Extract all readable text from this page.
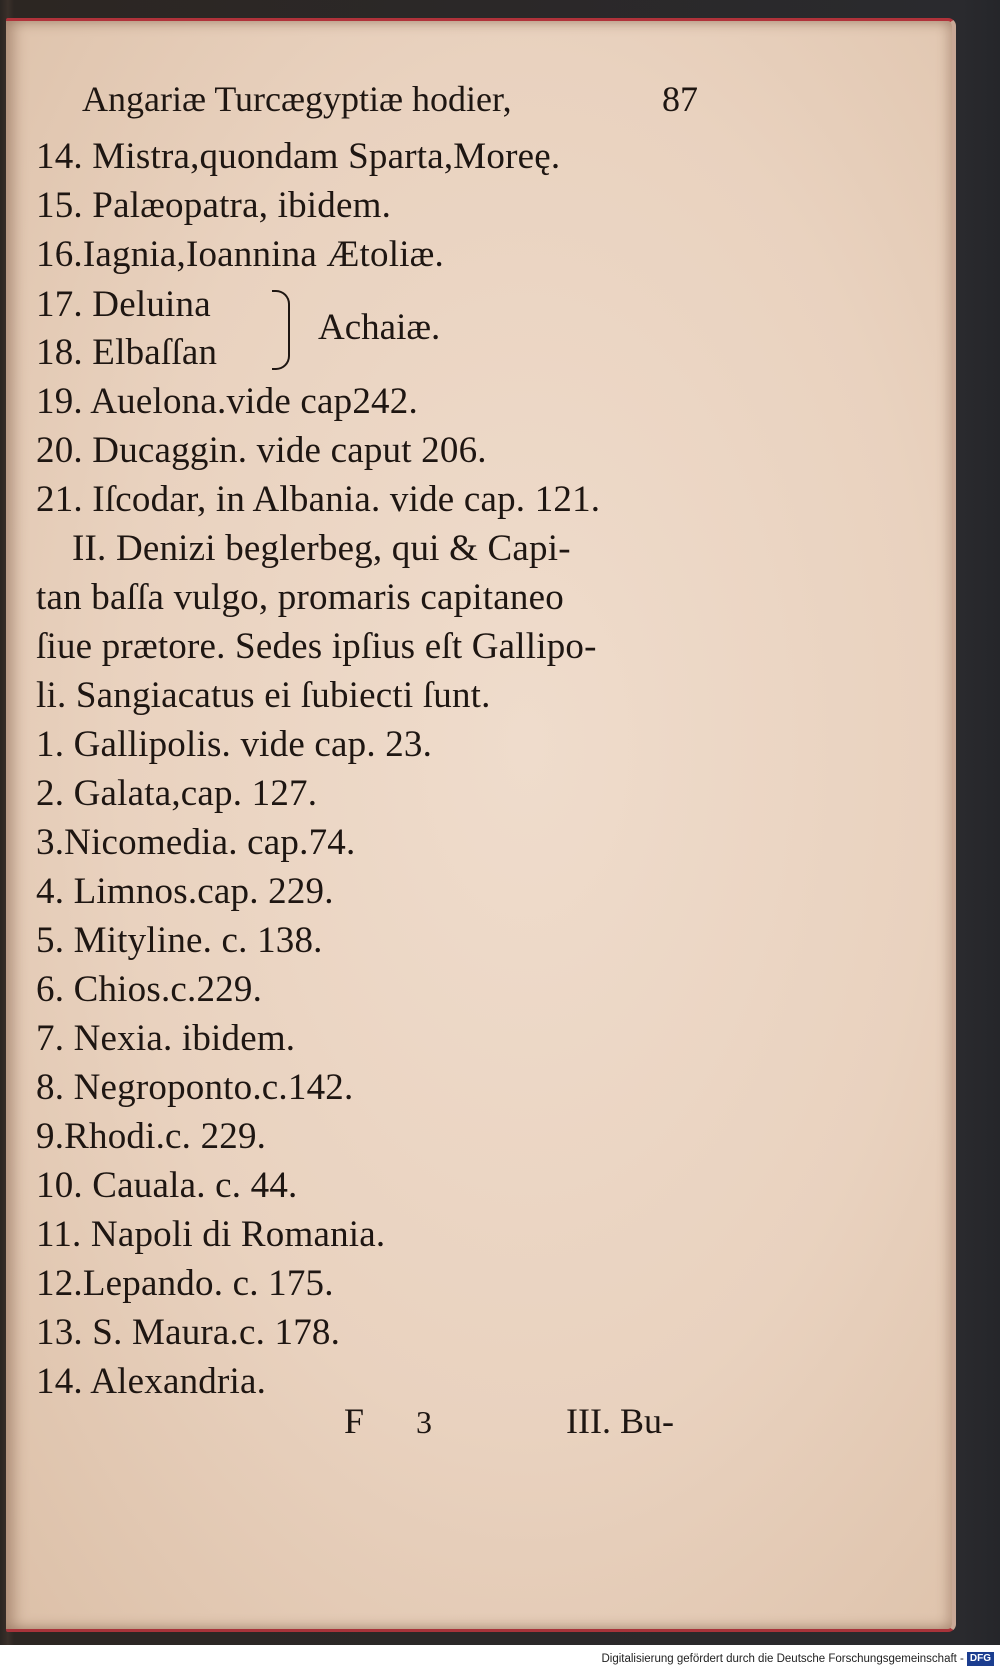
Angariæ Turcægyptiæ hodier,	87
14. Mistra,quondam Sparta,Moreę.
15. Palæopatra, ibidem.
16.Iagnia,Ioannina Ætoliæ.
17. Deluina
18. Elbaſſan
Achaiæ.
19. Auelona.vide cap242.
20. Ducaggin. vide caput 206.
21. Iſcodar, in Albania. vide cap. 121.
II. Denizi beglerbeg, qui & Capi-
tan baſſa vulgo, promaris capitaneo
ſiue prætore. Sedes ipſius eſt Gallipo-
li. Sangiacatus ei ſubiecti ſunt.
1. Gallipolis. vide cap. 23.
2. Galata,cap. 127.
3.Nicomedia. cap.74.
4. Limnos.cap. 229.
5. Mityline. c. 138.
6. Chios.c.229.
7. Nexia. ibidem.
8. Negroponto.c.142.
9.Rhodi.c. 229.
10. Cauala. c. 44.
11. Napoli di Romania.
12.Lepando. c. 175.
13. S. Maura.c. 178.
14. Alexandria.
F 3	III. Bu-
Digitalisierung gefördert durch die Deutsche Forschungsgemeinschaft - DFG
